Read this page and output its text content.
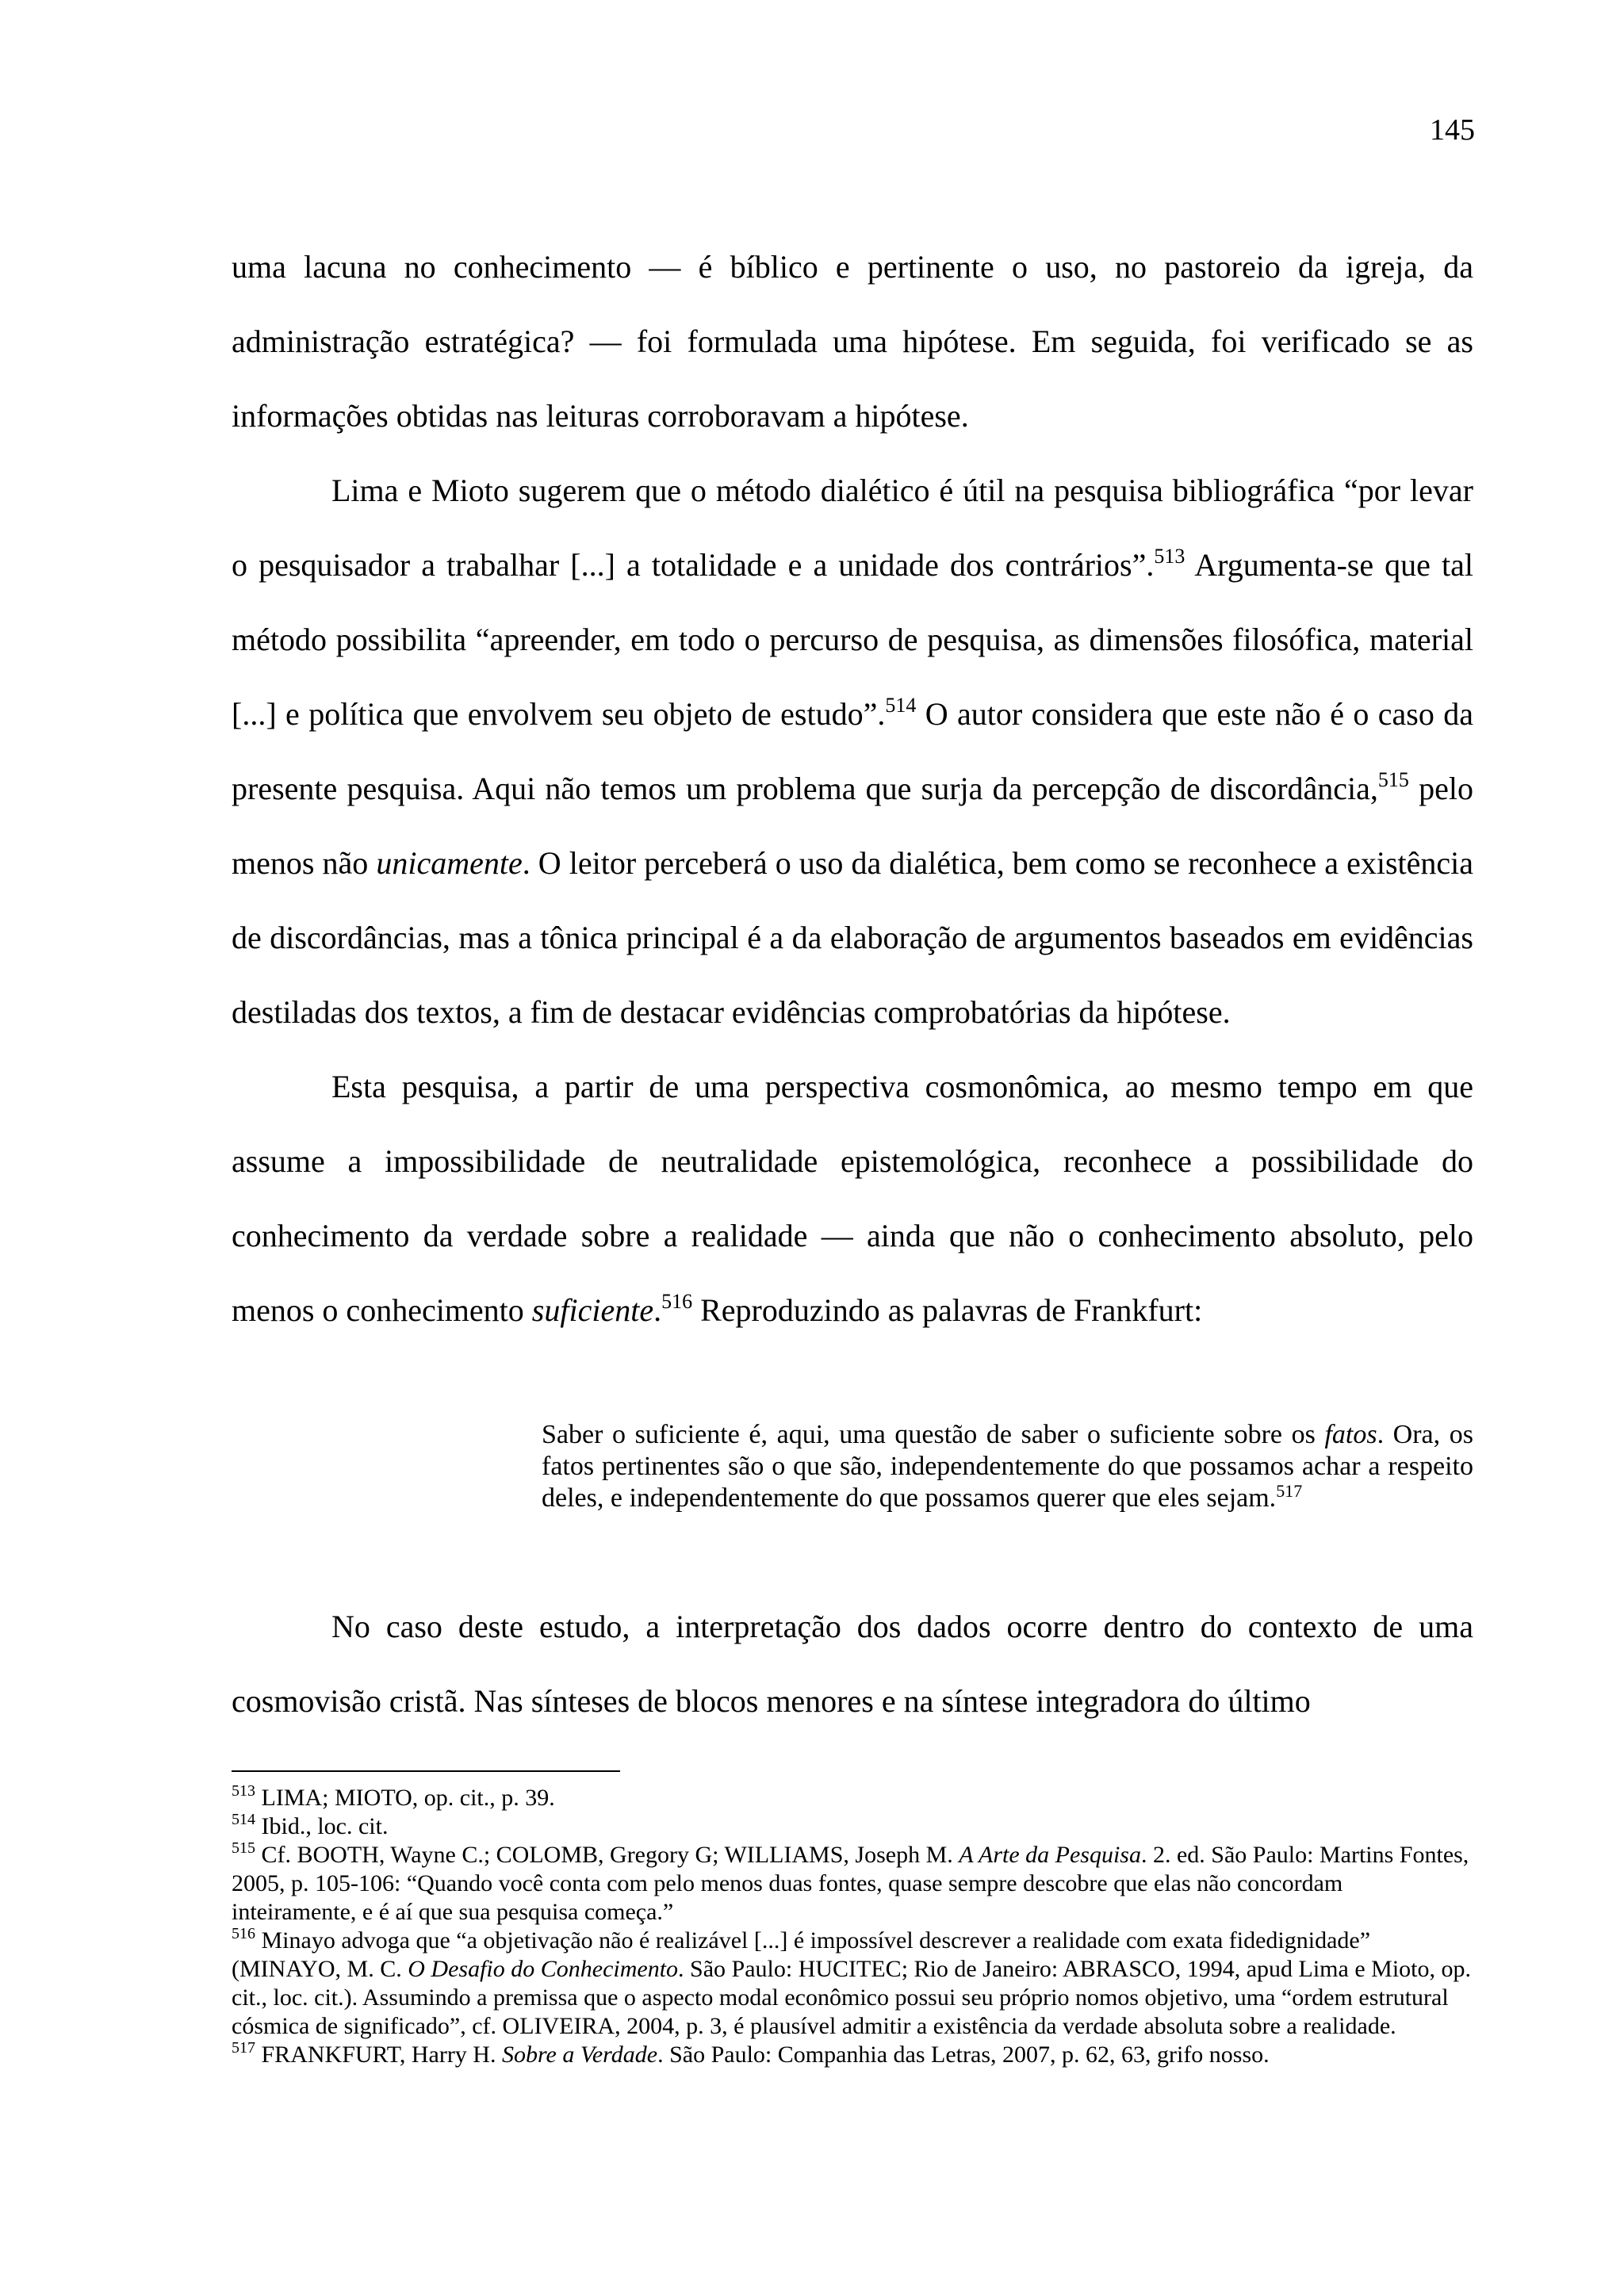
145

uma lacuna no conhecimento — é bíblico e pertinente o uso, no pastoreio da igreja, da administração estratégica? — foi formulada uma hipótese. Em seguida, foi verificado se as informações obtidas nas leituras corroboravam a hipótese.

Lima e Mioto sugerem que o método dialético é útil na pesquisa bibliográfica “por levar o pesquisador a trabalhar [...] a totalidade e a unidade dos contrários”.$^{513}$ Argumenta-se que tal método possibilita “apreender, em todo o percurso de pesquisa, as dimensões filosófica, material [...] e política que envolvem seu objeto de estudo”.$^{514}$ O autor considera que este não é o caso da presente pesquisa. Aqui não temos um problema que surja da percepção de discordância,$^{515}$ pelo menos não unicamente. O leitor perceberá o uso da dialética, bem como se reconhece a existência de discordâncias, mas a tônica principal é a da elaboração de argumentos baseados em evidências destiladas dos textos, a fim de destacar evidências comprobatórias da hipótese.

Esta pesquisa, a partir de uma perspectiva cosmonômica, ao mesmo tempo em que assume a impossibilidade de neutralidade epistemológica, reconhece a possibilidade do conhecimento da verdade sobre a realidade — ainda que não o conhecimento absoluto, pelo menos o conhecimento suficiente.$^{516}$ Reproduzindo as palavras de Frankfurt:

Saber o suficiente é, aqui, uma questão de saber o suficiente sobre os fatos. Ora, os fatos pertinentes são o que são, independentemente do que possamos achar a respeito deles, e independentemente do que possamos querer que eles sejam.$^{517}$

No caso deste estudo, a interpretação dos dados ocorre dentro do contexto de uma cosmovisão cristã. Nas sínteses de blocos menores e na síntese integradora do último

$^{513}$ LIMA; MIOTO, op. cit., p. 39.

$^{514}$ Ibid., loc. cit.

$^{515}$ Cf. BOOTH, Wayne C.; COLOMB, Gregory G; WILLIAMS, Joseph M. A Arte da Pesquisa. 2. ed. São Paulo: Martins Fontes, 2005, p. 105-106: “Quando você conta com pelo menos duas fontes, quase sempre descobre que elas não concordam inteiramente, e é aí que sua pesquisa começa.”

$^{516}$ Minayo advoga que “a objetivação não é realizável [...] é impossível descrever a realidade com exata fidedignidade” (MINAYO, M. C. O Desafio do Conhecimento. São Paulo: HUCITEC; Rio de Janeiro: ABRASCO, 1994, apud Lima e Mioto, op. cit., loc. cit.). Assumindo a premissa que o aspecto modal econômico possui seu próprio nomos objetivo, uma “ordem estrutural cósmica de significado”, cf. OLIVEIRA, 2004, p. 3, é plausível admitir a existência da verdade absoluta sobre a realidade.

$^{517}$ FRANKFURT, Harry H. Sobre a Verdade. São Paulo: Companhia das Letras, 2007, p. 62, 63, grifo nosso.
